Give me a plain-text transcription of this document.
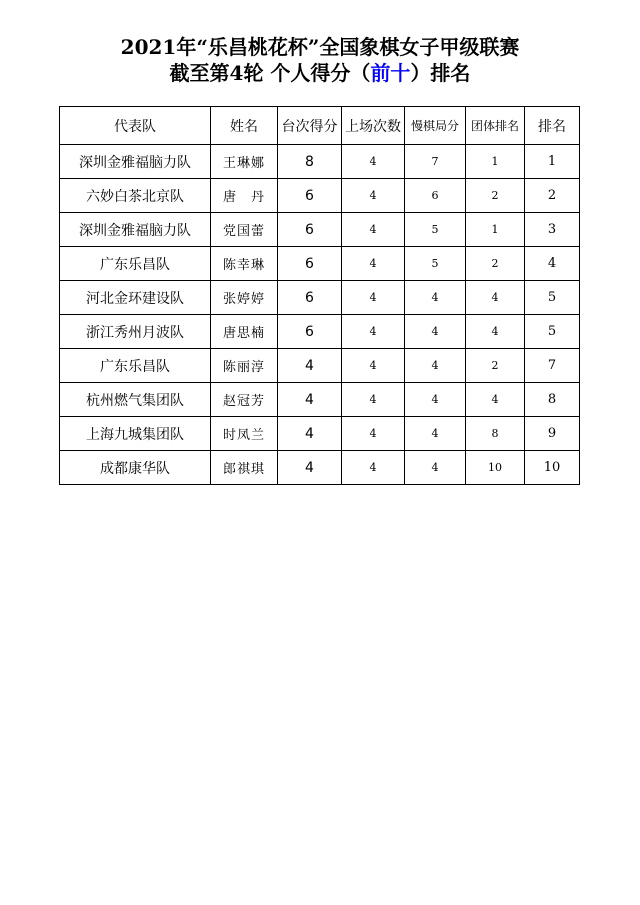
2021年“乐昌桃花杯”全国象棋女子甲级联赛
截至第4轮 个人得分（前十）排名
代表队	姓名	台次得分	上场次数	慢棋局分	团体排名	排名
深圳金雅福脑力队	王琳娜	8	4	7	1	1
六妙白茶北京队	唐　丹	6	4	6	2	2
深圳金雅福脑力队	党国蕾	6	4	5	1	3
广东乐昌队	陈幸琳	6	4	5	2	4
河北金环建设队	张婷婷	6	4	4	4	5
浙江秀州月波队	唐思楠	6	4	4	4	5
广东乐昌队	陈丽淳	4	4	4	2	7
杭州燃气集团队	赵冠芳	4	4	4	4	8
上海九城集团队	时凤兰	4	4	4	8	9
成都康华队	郎祺琪	4	4	4	10	10
